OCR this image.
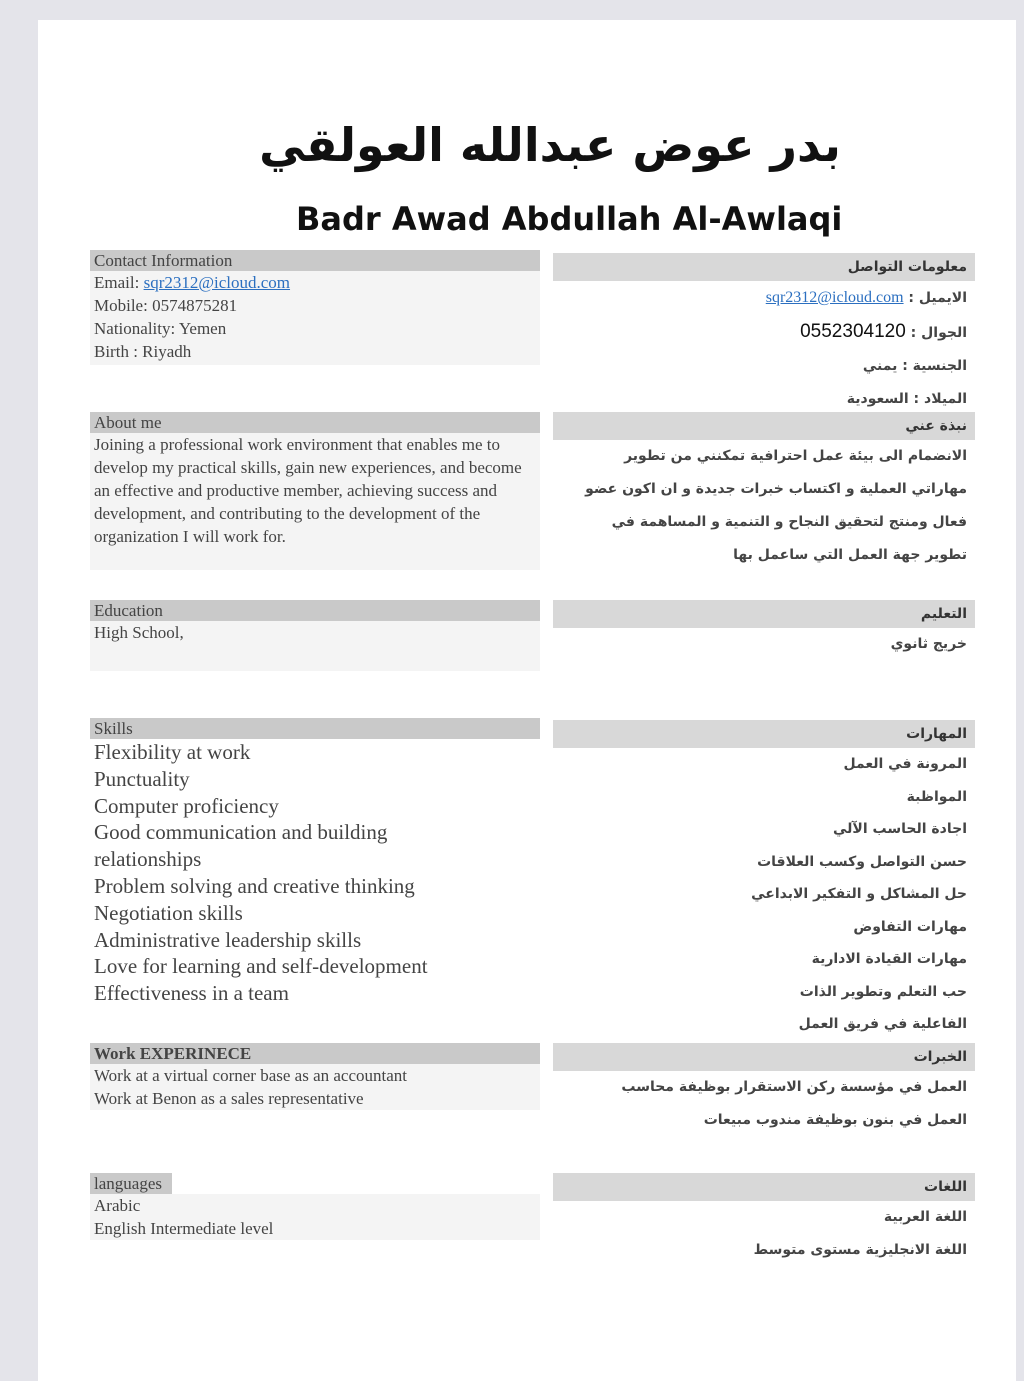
بدر عوض عبدالله العولقي
Badr Awad Abdullah Al-Awlaqi
Contact Information
Email: sqr2312@icloud.com
Mobile: 0574875281
Nationality: Yemen
Birth : Riyadh
About me
Joining a professional work environment that enables me to develop my practical skills, gain new experiences, and become an effective and productive member, achieving success and development, and contributing to the development of the organization I will work for.
Education
High School,
Skills
Flexibility at work
Punctuality
Computer proficiency
Good communication and building relationships
Problem solving and creative thinking
Negotiation skills
Administrative leadership skills
Love for learning and self-development
Effectiveness in a team
Work EXPERINECE
Work at a virtual corner base as an accountant
Work at Benon as a sales representative
languages
Arabic
English Intermediate level
معلومات التواصل
الايميل : sqr2312@icloud.com
الجوال : 0552304120
الجنسية : يمني
الميلاد : السعودية
نبذة عني
الانضمام الى بيئة عمل احترافية تمكنني من تطوير مهاراتي العملية و اكتساب خبرات جديدة و ان اكون عضو فعال ومنتج لتحقيق النجاح و التنمية و المساهمة في تطوير جهة العمل التي ساعمل بها
التعليم
خريج ثانوي
المهارات
المرونة في العمل
المواظبة
اجادة الحاسب الآلي
حسن التواصل وكسب العلاقات
حل المشاكل و التفكير الابداعي
مهارات التفاوض
مهارات القيادة الادارية
حب التعلم وتطوير الذات
الفاعلية في فريق العمل
الخبرات
العمل في مؤسسة ركن الاستقرار بوظيفة محاسب
العمل في بنون بوظيفة مندوب مبيعات
اللغات
اللغة العربية
اللغة الانجليزية مستوى متوسط
